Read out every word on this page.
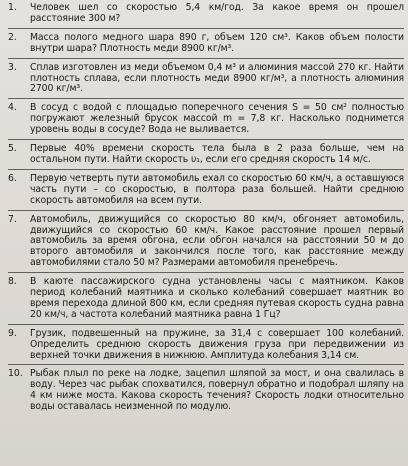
1.	Человек шел со скоростью 5,4 км/год. За какое время он прошел расстояние 300 м?
2.	Масса полого медного шара 890 г, объем 120 см³. Каков объем полости внутри шара? Плотность меди 8900 кг/м³.
3.	Сплав изготовлен из меди объемом 0,4 м³ и алюминия массой 270 кг. Найти плотность сплава, если плотность меди 8900 кг/м³, а плотность алюминия 2700 кг/м³.
4.	В сосуд с водой с площадью поперечного сечения S = 50 см² полностью погружают железный брусок массой m = 7,8 кг. Насколько поднимется уровень воды в сосуде? Вода не выливается.
5.	Первые 40% времени скорость тела была в 2 раза больше, чем на остальном пути. Найти скорость υ₁, если его средняя скорость 14 м/с.
6.	Первую четверть пути автомобиль ехал со скоростью 60 км/ч, а оставшуюся часть пути – со скоростью, в полтора раза большей. Найти среднюю скорость автомобиля на всем пути.
7.	Автомобиль, движущийся со скоростью 80 км/ч, обгоняет автомобиль, движущийся со скоростью 60 км/ч. Какое расстояние прошел первый автомобиль за время обгона, если обгон начался на расстоянии 50 м до второго автомобиля и закончился после того, как расстояние между автомобилями стало 50 м? Размерами автомобиля пренебречь.
8.	В каюте пассажирского судна установлены часы с маятником. Каков период колебаний маятника и сколько колебаний совершает маятник во время перехода длиной 800 км, если средняя путевая скорость судна равна 20 км/ч, а частота колебаний маятника равна 1 Гц?
9.	Грузик, подвешенный на пружине, за 31,4 с совершает 100 колебаний. Определить среднюю скорость движения груза при передвижении из верхней точки движения в нижнюю. Амплитуда колебания 3,14 см.
10. Рыбак плыл по реке на лодке, зацепил шляпой за мост, и она свалилась в воду. Через час рыбак спохватился, повернул обратно и подобрал шляпу на 4 км ниже моста. Какова скорость течения? Скорость лодки относительно воды оставалась неизменной по модулю.
